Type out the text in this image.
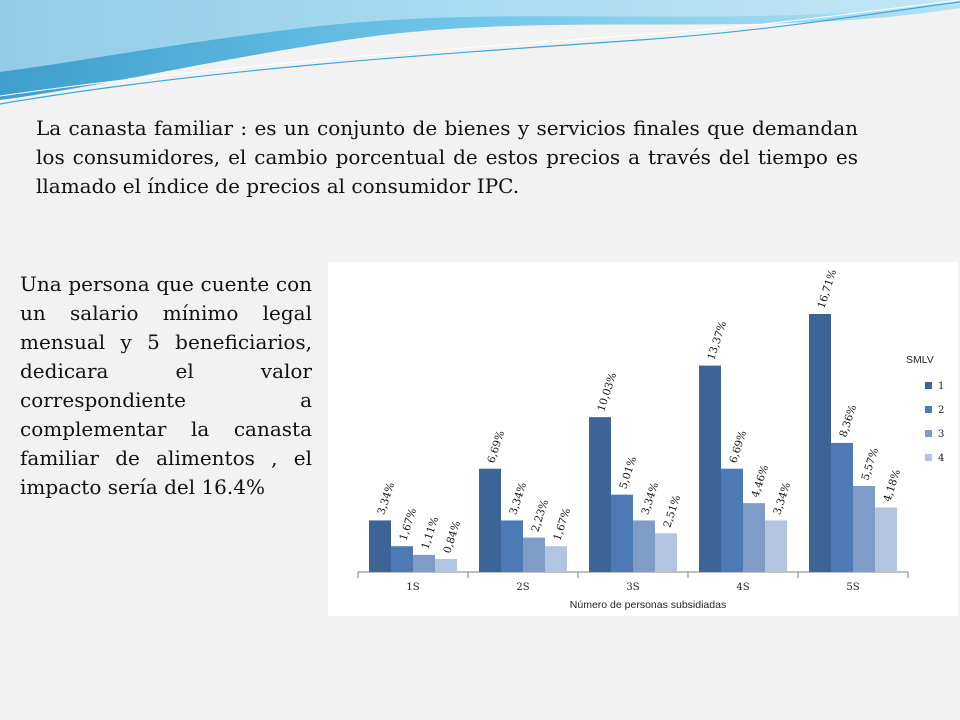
La canasta familiar : es un conjunto de bienes y servicios finales que demandan los consumidores, el cambio porcentual de estos precios a través del tiempo es llamado el índice de precios al consumidor IPC.
Una persona que cuente con un salario mínimo legal mensual y 5 beneficiarios, dedicara el valor correspondiente a complementar la canasta familiar de alimentos , el impacto sería del 16.4%	3,34%
1,67% 1,11% 0,84%
1S
6,69%
3,34% 2,23% 1,67%
2S
10,03%
5,01%
3,34% 2,51%
3S
13,37%
6,69%
4,46% 3,34%
4S
16,71%
8,36%
5,57%
4,18%
5S
Número de personas subsidiadas
SMLV
1
2
3
4
